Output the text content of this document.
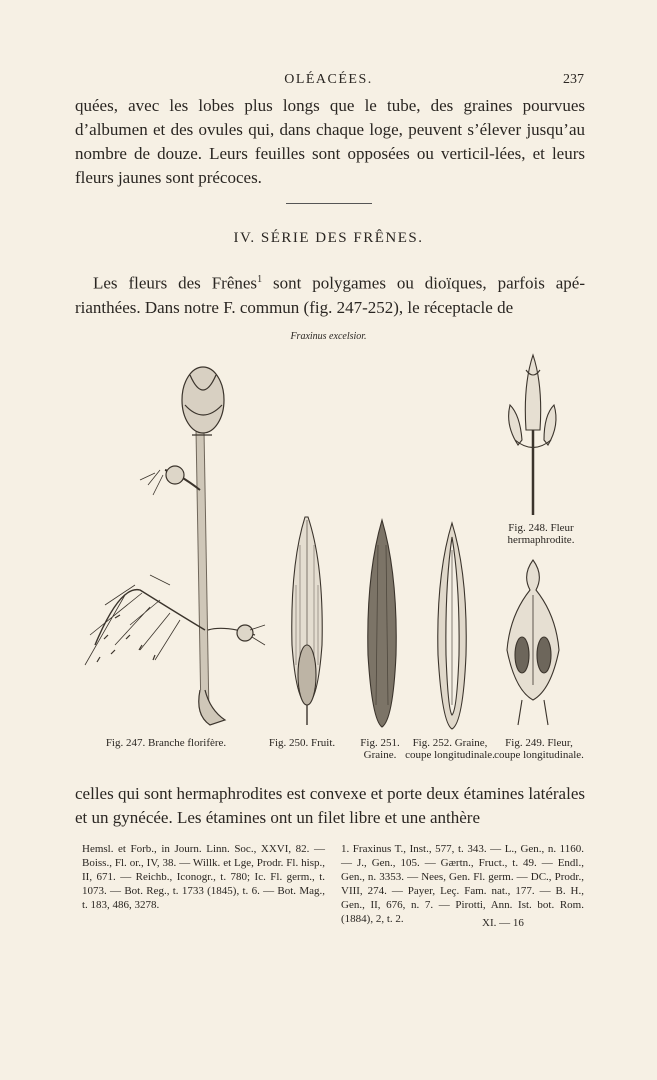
OLÉACÉES.	237

quées, avec les lobes plus longs que le tube, des graines pourvues d’albumen et des ovules qui, dans chaque loge, peuvent s’élever jusqu’au nombre de douze. Leurs feuilles sont opposées ou verticil-lées, et leurs fleurs jaunes sont précoces.

IV. SÉRIE DES FRÊNES.

Les fleurs des Frênes$^1$ sont polygames ou dioïques, parfois apé-rianthées. Dans notre F. commun (fig. 247-252), le réceptacle de

Fraxinus excelsior.
Fig. 247. Branche florifère.	Fig. 250. Fruit.	Fig. 251. Graine.
Fig. 252. Graine, coupe longitudinale.
Fig. 249. Fleur, coupe longitudinale.
Fig. 248. Fleur hermaphrodite.

celles qui sont hermaphrodites est convexe et porte deux étamines latérales et un gynécée. Les étamines ont un filet libre et une anthère

Hemsl. et Forb., in Journ. Linn. Soc., XXVI, 82. — Boiss., Fl. or., IV, 38. — Willk. et Lge, Prodr. Fl. hisp., II, 671. — Reichb., Iconogr., t. 780; Ic. Fl. germ., t. 1073. — Bot. Reg., t. 1733 (1845), t. 6. — Bot. Mag., t. 183, 486, 3278.

1. Fraxinus T., Inst., 577, t. 343. — L., Gen., n. 1160. — J., Gen., 105. — Gærtn., Fruct., t. 49. — Endl., Gen., n. 3353. — Nees, Gen. Fl. germ. — DC., Prodr., VIII, 274. — Payer, Leç. Fam. nat., 177. — B. H., Gen., II, 676, n. 7. — Pirotti, Ann. Ist. bot. Rom. (1884), 2, t. 2.	XI. — 16
